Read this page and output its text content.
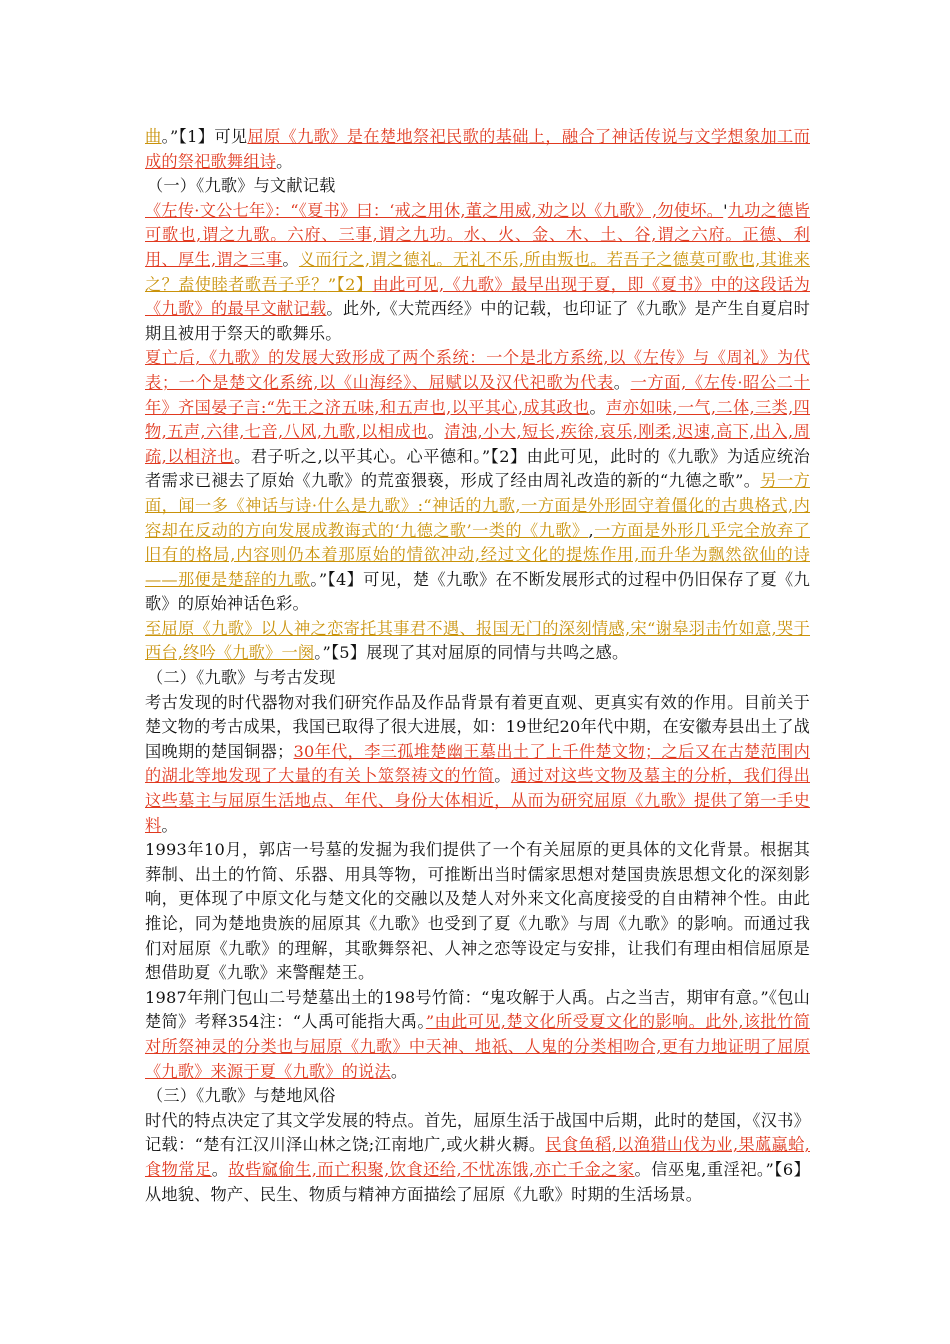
曲。”【1】可见屈原《九歌》是在楚地祭祀民歌的基础上，融合了神话传说与文学想象加工而成的祭祀歌舞组诗。

（一）《九歌》与文献记载

《左传·文公七年》：“《夏书》曰：‘戒之用休,董之用威,劝之以《九歌》,勿使坏。'九功之德皆可歌也,谓之九歌。六府、三事,谓之九功。水、火、金、木、土、谷,谓之六府。正德、利用、厚生,谓之三事。义而行之,谓之德礼。无礼不乐,所由叛也。若吾子之德莫可歌也,其谁来之？盍使睦者歌吾子乎？”【2】由此可见,《九歌》最早出现于夏，即《夏书》中的这段话为《九歌》的最早文献记载。此外,《大荒西经》中的记载，也印证了《九歌》是产生自夏启时期且被用于祭天的歌舞乐。

夏亡后,《九歌》的发展大致形成了两个系统：一个是北方系统,以《左传》与《周礼》为代表；一个是楚文化系统,以《山海经》、屈赋以及汉代祀歌为代表。一方面,《左传·昭公二十年》齐国晏子言:“先王之济五味,和五声也,以平其心,成其政也。声亦如味,一气,二体,三类,四物,五声,六律,七音,八风,九歌,以相成也。清浊,小大,短长,疾徐,哀乐,刚柔,迟速,高下,出入,周疏,以相济也。君子听之,以平其心。心平德和。”【2】由此可见，此时的《九歌》为适应统治者需求已褪去了原始《九歌》的荒蛮猥亵，形成了经由周礼改造的新的“九德之歌”。另一方面，闻一多《神话与诗·什么是九歌》:“神话的九歌,一方面是外形固守着僵化的古典格式,内容却在反动的方向发展成教诲式的‘九德之歌’一类的《九歌》,一方面是外形几乎完全放弃了旧有的格局,内容则仍本着那原始的情欲冲动,经过文化的提炼作用,而升华为飘然欲仙的诗——那便是楚辞的九歌。”【4】可见，楚《九歌》在不断发展形式的过程中仍旧保存了夏《九歌》的原始神话色彩。

至屈原《九歌》以人神之恋寄托其事君不遇、报国无门的深刻情感,宋“谢皋羽击竹如意,哭于西台,终吟《九歌》一阕。”【5】展现了其对屈原的同情与共鸣之感。

（二）《九歌》与考古发现

考古发现的时代器物对我们研究作品及作品背景有着更直观、更真实有效的作用。目前关于楚文物的考古成果，我国已取得了很大进展，如：19世纪20年代中期，在安徽寿县出土了战国晚期的楚国铜器；30年代，李三孤堆楚幽王墓出土了上千件楚文物；之后又在古楚范围内的湖北等地发现了大量的有关卜筮祭祷文的竹简。通过对这些文物及墓主的分析，我们得出这些墓主与屈原生活地点、年代、身份大体相近，从而为研究屈原《九歌》提供了第一手史料。

1993年10月，郭店一号墓的发掘为我们提供了一个有关屈原的更具体的文化背景。根据其葬制、出土的竹简、乐器、用具等物，可推断出当时儒家思想对楚国贵族思想文化的深刻影响，更体现了中原文化与楚文化的交融以及楚人对外来文化高度接受的自由精神个性。由此推论，同为楚地贵族的屈原其《九歌》也受到了夏《九歌》与周《九歌》的影响。而通过我们对屈原《九歌》的理解，其歌舞祭祀、人神之恋等设定与安排，让我们有理由相信屈原是想借助夏《九歌》来警醒楚王。

1987年荆门包山二号楚墓出土的198号竹简：“鬼攻解于人禹。占之当吉，期审有意。”《包山楚简》考释354注：“人禹可能指大禹。”由此可见,楚文化所受夏文化的影响。此外,该批竹简对所祭神灵的分类也与屈原《九歌》中天神、地祇、人鬼的分类相吻合,更有力地证明了屈原《九歌》来源于夏《九歌》的说法。

（三）《九歌》与楚地风俗

时代的特点决定了其文学发展的特点。首先，屈原生活于战国中后期，此时的楚国，《汉书》记载：“楚有江汉川泽山林之饶;江南地广,或火耕火耨。民食鱼稻,以渔猎山伐为业,果蓏蠃蛤,食物常足。故呰窳偷生,而亡积聚,饮食还给,不忧冻饿,亦亡千金之家。信巫鬼,重淫祀。”【6】从地貌、物产、民生、物质与精神方面描绘了屈原《九歌》时期的生活场景。
